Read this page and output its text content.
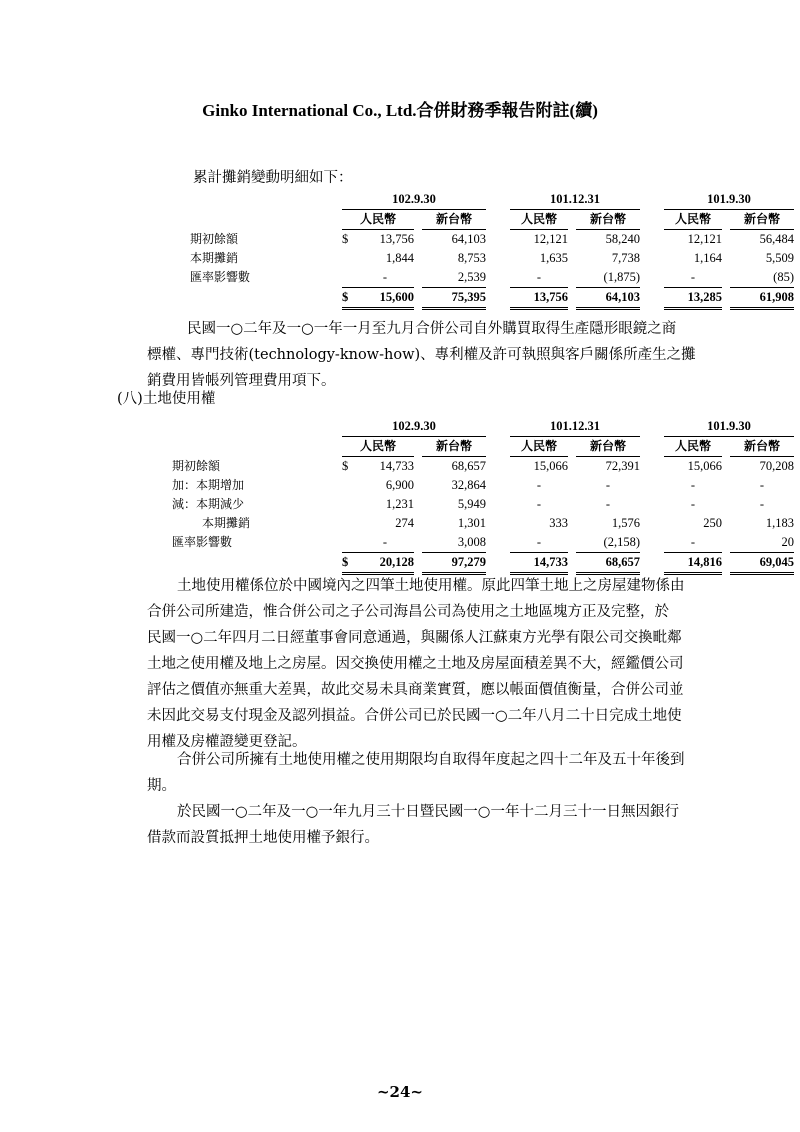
Ginko International Co., Ltd.合併財務季報告附註(續)
累計攤銷變動明細如下：
	102.9.30					101.12.31				101.9.30		
	人民幣			新台幣		人民幣		新台幣		人民幣		新台幣
期初餘額	$	13,756		64,103		12,121		58,240		12,121		56,484
本期攤銷		1,844		8,753		1,635		7,738		1,164		5,509
匯率影響數		-		2,539		-		(1,875)		-		(85)
	$	15,600		75,395		13,756		64,103		13,285		61,908
民國一○二年及一○一年一月至九月合併公司自外購買取得生產隱形眼鏡之商
標權、專門技術(technology-know-how)、專利權及許可執照與客戶關係所產生之攤
銷費用皆帳列管理費用項下。
(八)土地使用權
	102.9.30					101.12.31				101.9.30		
	人民幣			新台幣		人民幣		新台幣		人民幣		新台幣
期初餘額	$	14,733		68,657		15,066		72,391		15,066		70,208
加：本期增加		6,900		32,864		-		-		-		-
減：本期減少		1,231		5,949		-		-		-		-
本期攤銷		274		1,301		333		1,576		250		1,183
匯率影響數		-		3,008		-		(2,158)		-		20
	$	20,128		97,279		14,733		68,657		14,816		69,045
土地使用權係位於中國境內之四筆土地使用權。原此四筆土地上之房屋建物係由
合併公司所建造，惟合併公司之子公司海昌公司為使用之土地區塊方正及完整，於
民國一○二年四月二日經董事會同意通過，與關係人江蘇東方光學有限公司交換毗鄰
土地之使用權及地上之房屋。因交換使用權之土地及房屋面積差異不大，經鑑價公司
評估之價值亦無重大差異，故此交易未具商業實質，應以帳面價值衡量，合併公司並
未因此交易支付現金及認列損益。合併公司已於民國一○二年八月二十日完成土地使
用權及房權證變更登記。
合併公司所擁有土地使用權之使用期限均自取得年度起之四十二年及五十年後到
期。
於民國一○二年及一○一年九月三十日暨民國一○一年十二月三十一日無因銀行
借款而設質抵押土地使用權予銀行。
~24~
